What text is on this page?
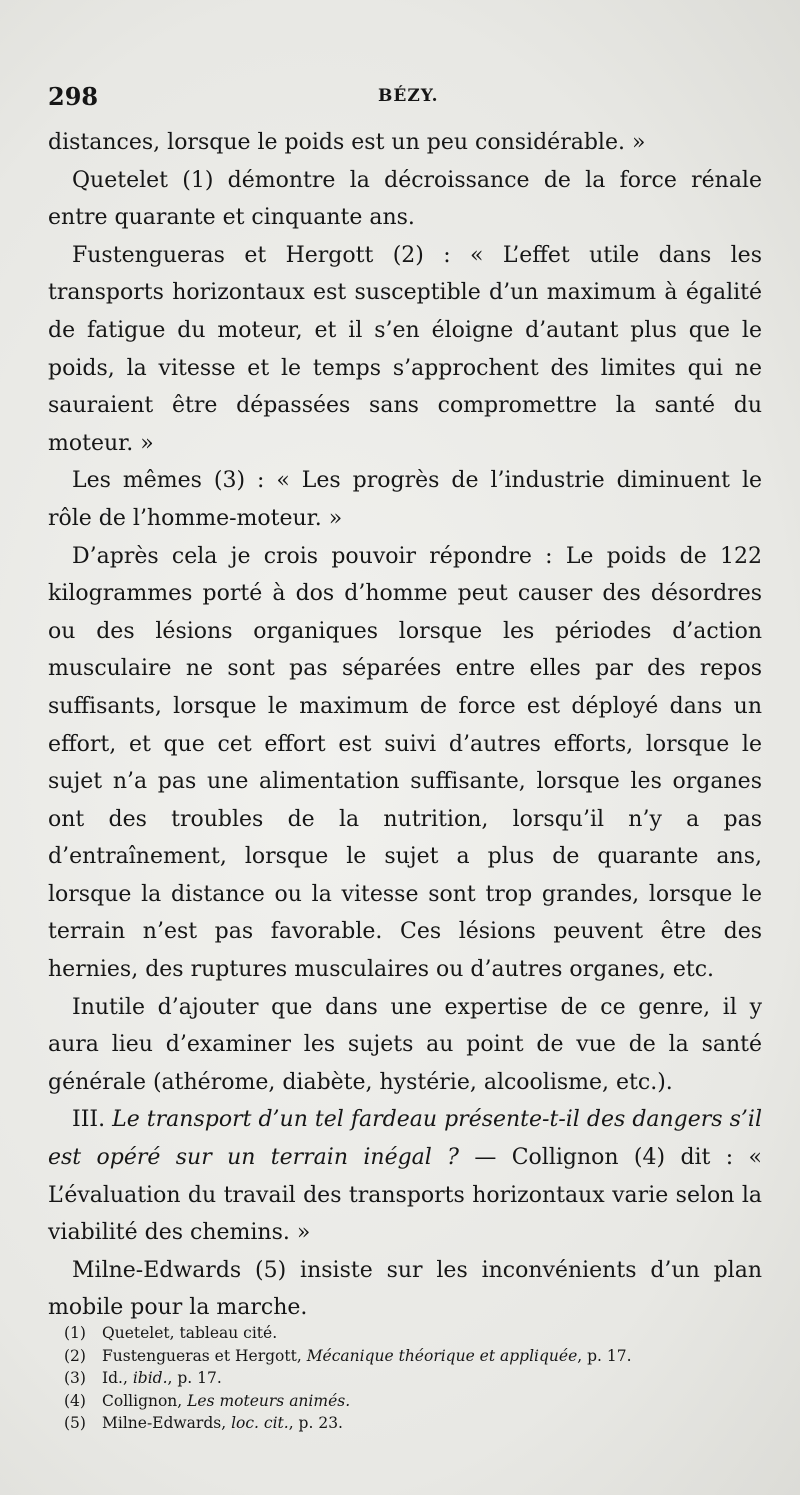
298	BÉZY.

distances, lorsque le poids est un peu considérable. »

Quetelet (1) démontre la décroissance de la force rénale entre quarante et cinquante ans.

Fustengueras et Hergott (2) : « L’effet utile dans les transports horizontaux est susceptible d’un maximum à égalité de fatigue du moteur, et il s’en éloigne d’autant plus que le poids, la vitesse et le temps s’approchent des limites qui ne sauraient être dépassées sans compromettre la santé du moteur. »

Les mêmes (3) : « Les progrès de l’industrie diminuent le rôle de l’homme-moteur. »

D’après cela je crois pouvoir répondre : Le poids de 122 kilogrammes porté à dos d’homme peut causer des désordres ou des lésions organiques lorsque les périodes d’action musculaire ne sont pas séparées entre elles par des repos suffisants, lorsque le maximum de force est déployé dans un effort, et que cet effort est suivi d’autres efforts, lorsque le sujet n’a pas une alimentation suffisante, lorsque les organes ont des troubles de la nutrition, lorsqu’il n’y a pas d’entraînement, lorsque le sujet a plus de quarante ans, lorsque la distance ou la vitesse sont trop grandes, lorsque le terrain n’est pas favorable. Ces lésions peuvent être des hernies, des ruptures musculaires ou d’autres organes, etc.

Inutile d’ajouter que dans une expertise de ce genre, il y aura lieu d’examiner les sujets au point de vue de la santé générale (athérome, diabète, hystérie, alcoolisme, etc.).

III. Le transport d’un tel fardeau présente-t-il des dangers s’il est opéré sur un terrain inégal ? — Collignon (4) dit : « L’évaluation du travail des transports horizontaux varie selon la viabilité des chemins. »

Milne-Edwards (5) insiste sur les inconvénients d’un plan mobile pour la marche.

(1) Quetelet, tableau cité.
(2) Fustengueras et Hergott, Mécanique théorique et appliquée, p. 17.
(3) Id., ibid., p. 17.
(4) Collignon, Les moteurs animés.
(5) Milne-Edwards, loc. cit., p. 23.
